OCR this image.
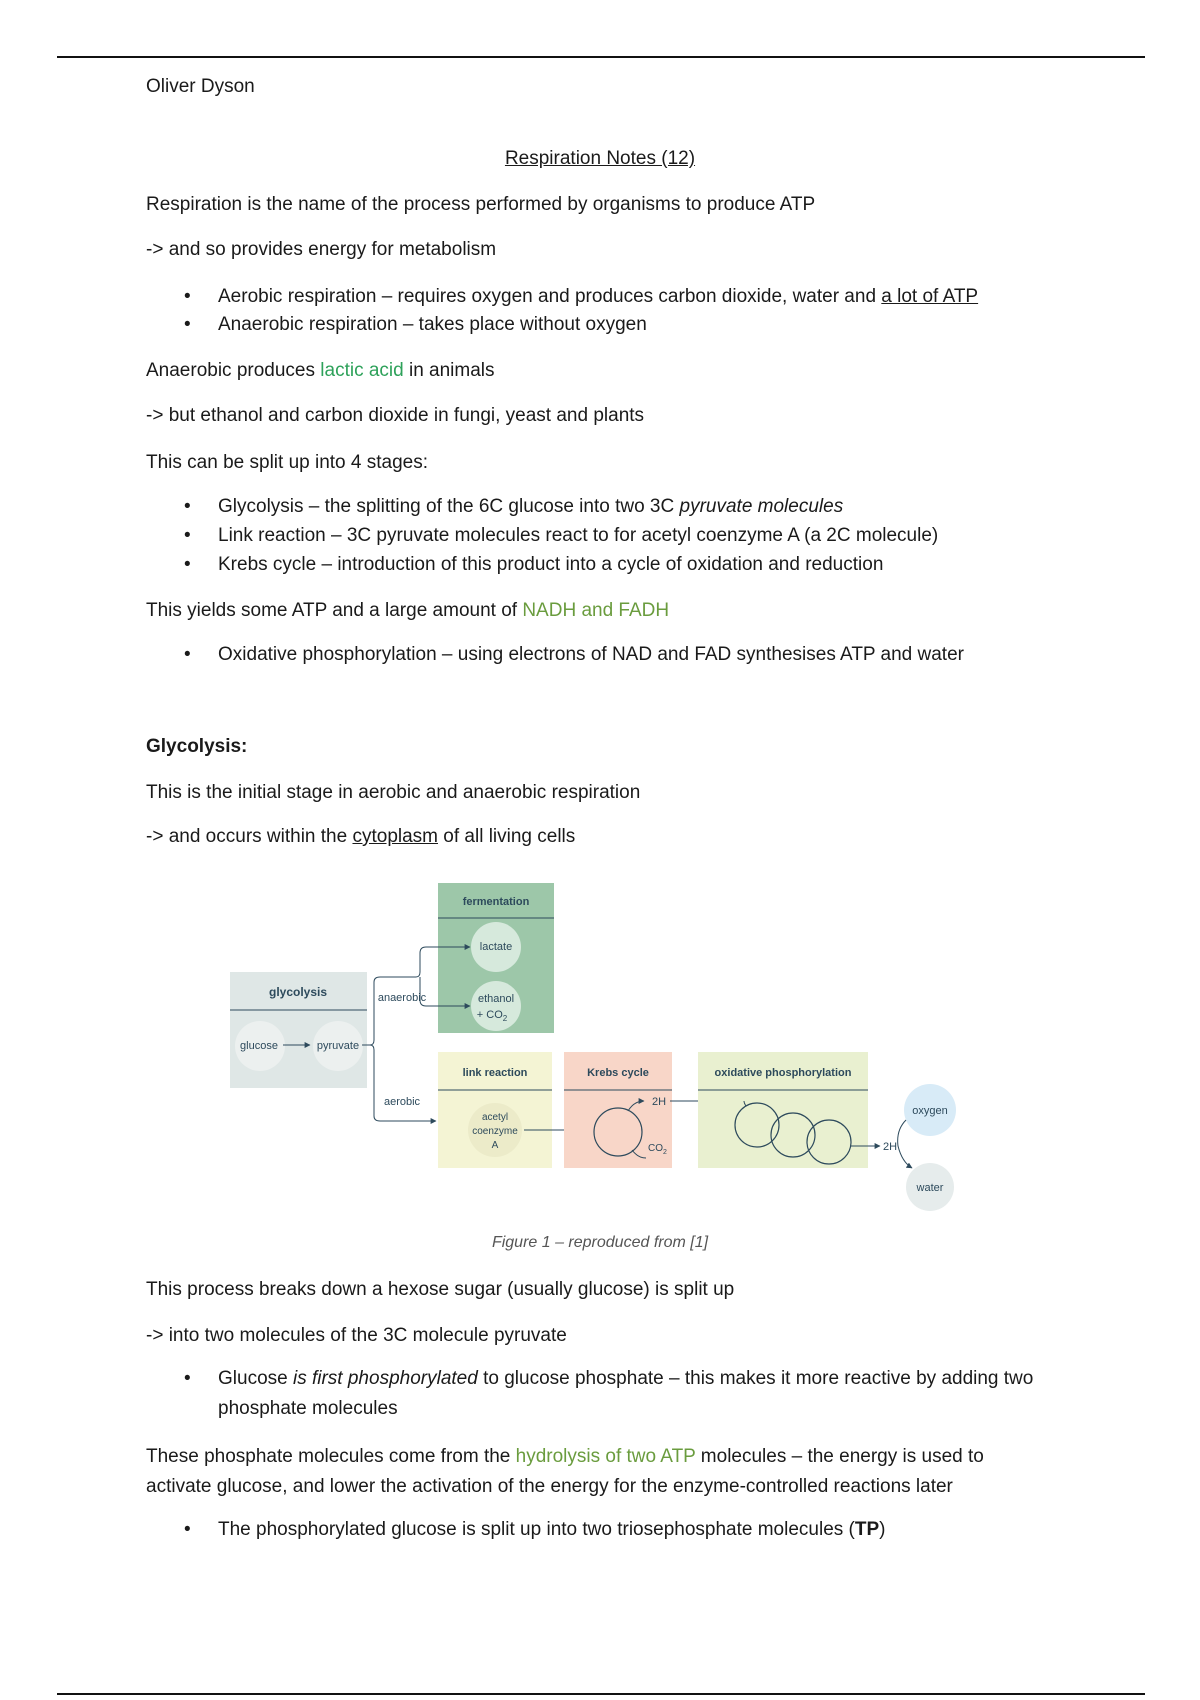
Oliver Dyson
Respiration Notes (12)
Respiration is the name of the process performed by organisms to produce ATP
-> and so provides energy for metabolism
• Aerobic respiration – requires oxygen and produces carbon dioxide, water and a lot of ATP
• Anaerobic respiration – takes place without oxygen
Anaerobic produces lactic acid in animals
-> but ethanol and carbon dioxide in fungi, yeast and plants
This can be split up into 4 stages:
• Glycolysis – the splitting of the 6C glucose into two 3C pyruvate molecules
• Link reaction – 3C pyruvate molecules react to for acetyl coenzyme A (a 2C molecule)
• Krebs cycle – introduction of this product into a cycle of oxidation and reduction
This yields some ATP and a large amount of NADH and FADH
• Oxidative phosphorylation – using electrons of NAD and FAD synthesises ATP and water
Glycolysis:
This is the initial stage in aerobic and anaerobic respiration
-> and occurs within the cytoplasm of all living cells
glycolysis
glucose	pyruvate
anaerobic
aerobic
fermentation
lactate
ethanol
+ $CO_2$
link reaction
acetyl
coenzyme
A
Krebs cycle
2H
$CO_2$
oxidative phosphorylation
2H
oxygen
water
Figure 1 – reproduced from [1]
This process breaks down a hexose sugar (usually glucose) is split up
-> into two molecules of the 3C molecule pyruvate
• Glucose is first phosphorylated to glucose phosphate – this makes it more reactive by adding two phosphate molecules
These phosphate molecules come from the hydrolysis of two ATP molecules – the energy is used to
activate glucose, and lower the activation of the energy for the enzyme-controlled reactions later
• The phosphorylated glucose is split up into two triosephosphate molecules (TP)
